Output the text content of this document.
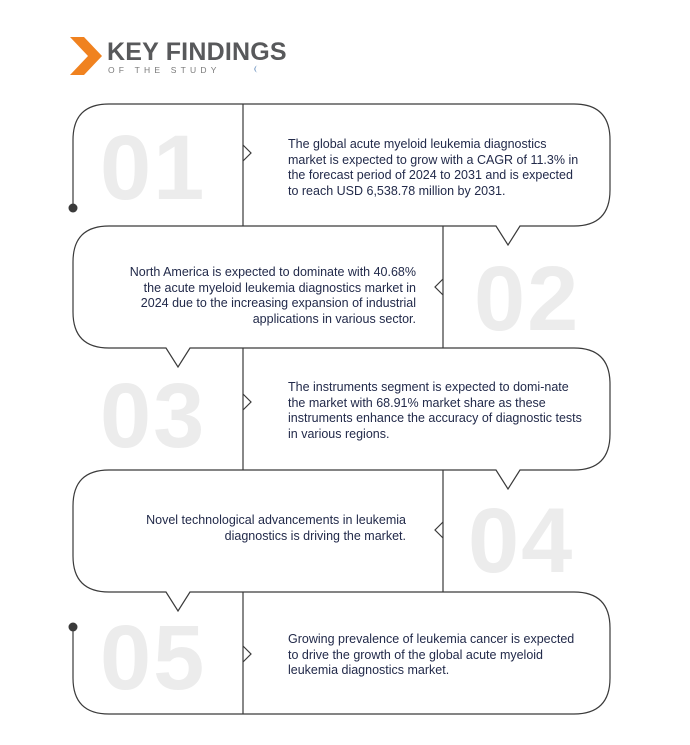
KEY FINDINGS
OF THE STUDY
01	The global acute myeloid leukemia diagnostics market is expected to grow with a CAGR of 11.3% in the forecast period of 2024 to 2031 and is expected to reach USD 6,538.78 million by 2031.
02
North America is expected to dominate with 40.68% the acute myeloid leukemia diagnostics market in 2024 due to the increasing expansion of industrial applications in various sector.
03	The instruments segment is expected to domi-nate the market with 68.91% market share as these instruments enhance the accuracy of diagnostic tests in various regions.
04
Novel technological advancements in leukemia diagnostics is driving the market.
05	Growing prevalence of leukemia cancer is expected to drive the growth of the global acute myeloid leukemia diagnostics market.
